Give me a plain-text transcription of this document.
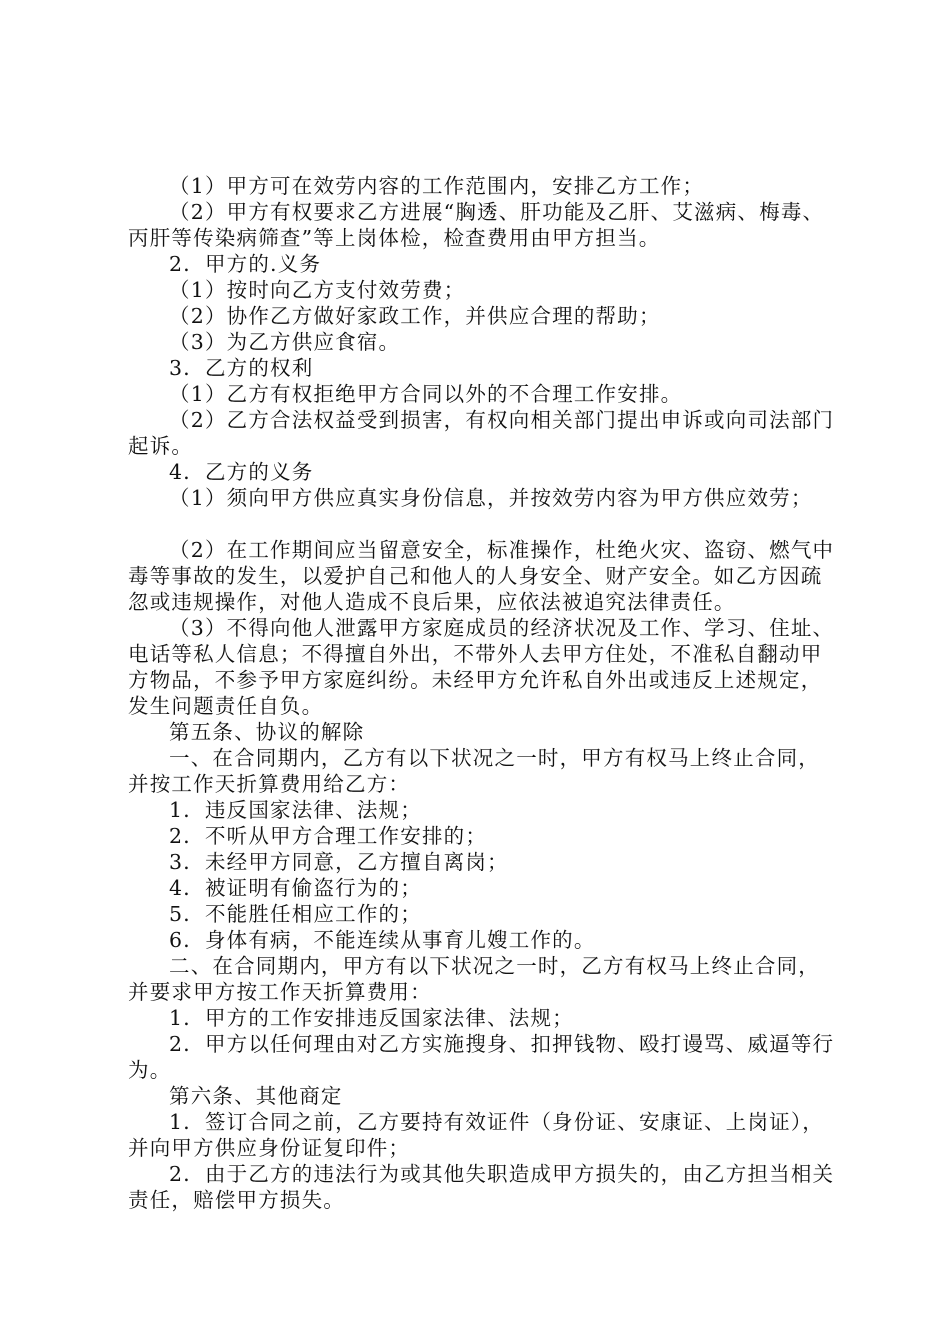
（1）甲方可在效劳内容的工作范围内，安排乙方工作；

（2）甲方有权要求乙方进展“胸透、肝功能及乙肝、艾滋病、梅毒、丙肝等传染病筛查”等上岗体检，检查费用由甲方担当。

2．甲方的.义务

（1）按时向乙方支付效劳费；

（2）协作乙方做好家政工作，并供应合理的帮助；

（3）为乙方供应食宿。

3．乙方的权利

（1）乙方有权拒绝甲方合同以外的不合理工作安排。

（2）乙方合法权益受到损害，有权向相关部门提出申诉或向司法部门起诉。

4．乙方的义务

（1）须向甲方供应真实身份信息，并按效劳内容为甲方供应效劳；

（2）在工作期间应当留意安全，标准操作，杜绝火灾、盗窃、燃气中毒等事故的发生，以爱护自己和他人的人身安全、财产安全。如乙方因疏忽或违规操作，对他人造成不良后果，应依法被追究法律责任。

（3）不得向他人泄露甲方家庭成员的经济状况及工作、学习、住址、电话等私人信息；不得擅自外出，不带外人去甲方住处，不准私自翻动甲方物品，不参予甲方家庭纠纷。未经甲方允许私自外出或违反上述规定，发生问题责任自负。

第五条、协议的解除

一、在合同期内，乙方有以下状况之一时，甲方有权马上终止合同，并按工作天折算费用给乙方：

1．违反国家法律、法规；

2．不听从甲方合理工作安排的；

3．未经甲方同意，乙方擅自离岗；

4．被证明有偷盗行为的；

5．不能胜任相应工作的；

6．身体有病，不能连续从事育儿嫂工作的。

二、在合同期内，甲方有以下状况之一时，乙方有权马上终止合同，并要求甲方按工作天折算费用：

1．甲方的工作安排违反国家法律、法规；

2．甲方以任何理由对乙方实施搜身、扣押钱物、殴打谩骂、威逼等行为。

第六条、其他商定

1．签订合同之前，乙方要持有效证件（身份证、安康证、上岗证），并向甲方供应身份证复印件；

2．由于乙方的违法行为或其他失职造成甲方损失的，由乙方担当相关责任，赔偿甲方损失。
